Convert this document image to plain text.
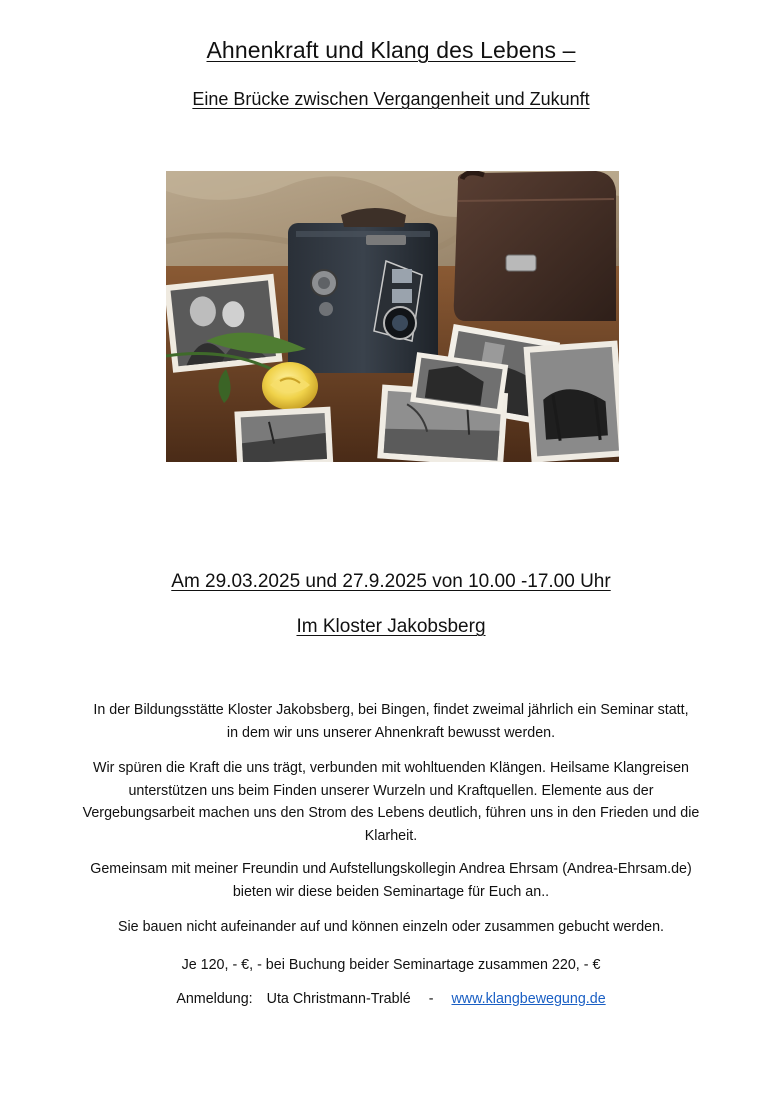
Ahnenkraft und Klang des Lebens –
Eine Brücke zwischen Vergangenheit und Zukunft
Am 29.03.2025 und 27.9.2025 von 10.00 -17.00 Uhr
Im Kloster Jakobsberg

In der Bildungsstätte Kloster Jakobsberg, bei Bingen, findet zweimal jährlich ein Seminar statt,
in dem wir uns unserer Ahnenkraft bewusst werden.

Wir spüren die Kraft die uns trägt, verbunden mit wohltuenden Klängen. Heilsame Klangreisen unterstützen uns beim Finden unserer Wurzeln und Kraftquellen. Elemente aus der Vergebungsarbeit machen uns den Strom des Lebens deutlich, führen uns in den Frieden und die Klarheit.

Gemeinsam mit meiner Freundin und Aufstellungskollegin Andrea Ehrsam (Andrea-Ehrsam.de) bieten wir diese beiden Seminartage für Euch an..

Sie bauen nicht aufeinander auf und können einzeln oder zusammen gebucht werden.

Je 120, - €, - bei Buchung beider Seminartage zusammen 220, - €

Anmeldung: Uta Christmann-Trablé - www.klangbewegung.de
